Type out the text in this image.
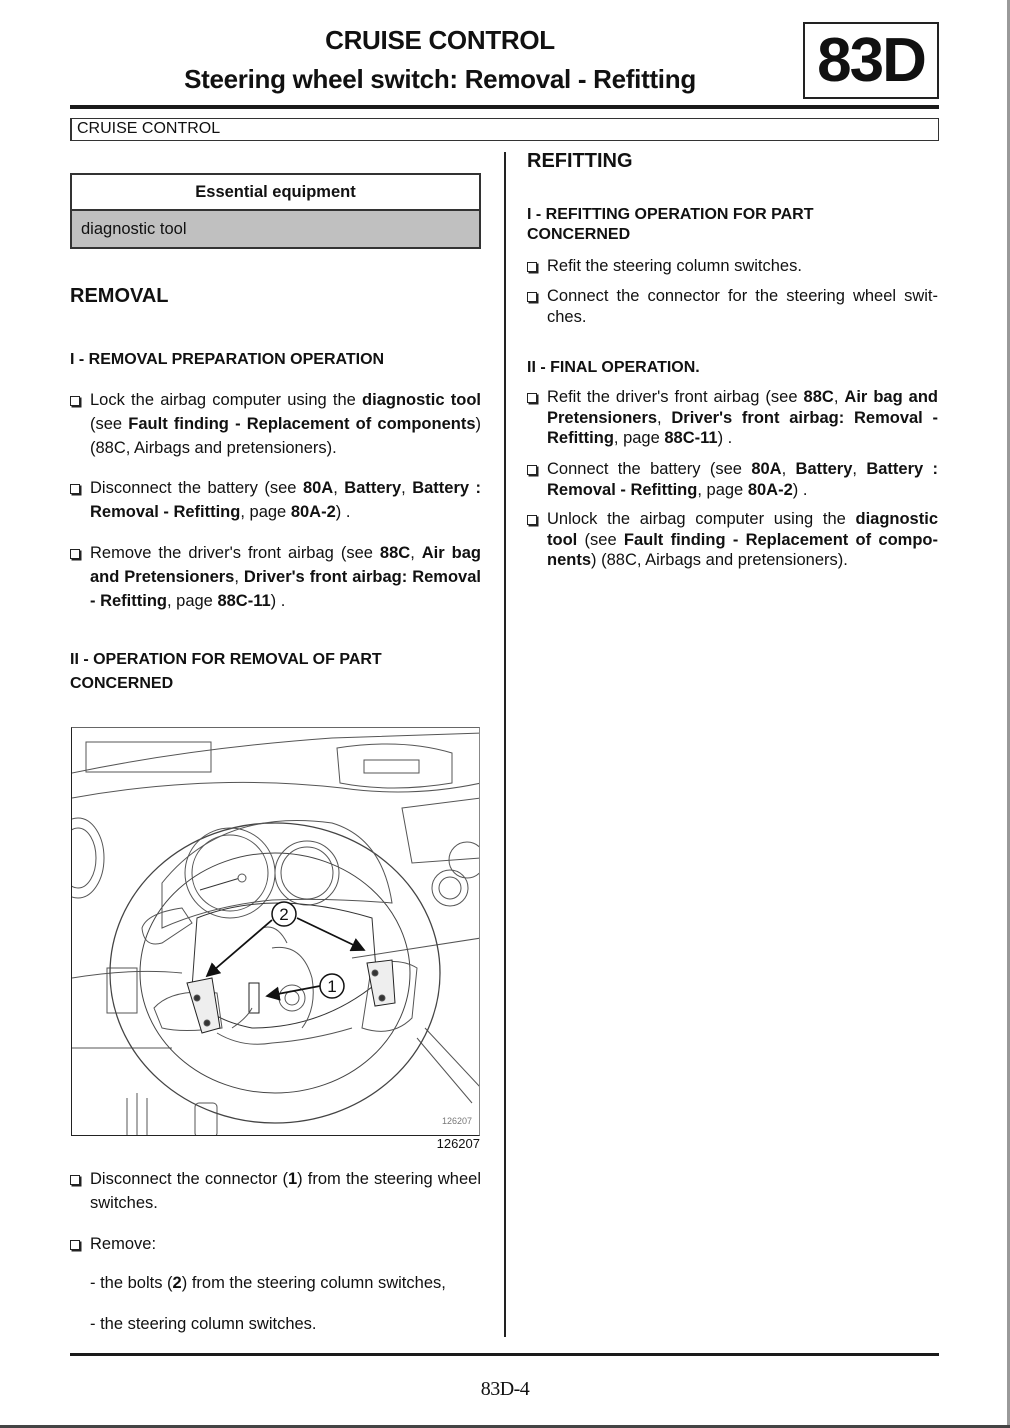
CRUISE CONTROL
Steering wheel switch: Removal - Refitting	83D
CRUISE CONTROL
Essential equipment
diagnostic tool
REMOVAL
I - REMOVAL PREPARATION OPERATION
Lock the airbag computer using the diagnostic tool (see Fault finding - Replacement of components) (88C, Airbags and pretensioners).
Disconnect the battery (see 80A, Battery, Battery : Removal - Refitting, page 80A-2) .
Remove the driver's front airbag (see 88C, Air bag and Pretensioners, Driver's front airbag: Removal - Refitting, page 88C-11) .
II - OPERATION FOR REMOVAL OF PART
CONCERNED
126207
2
1
126207
Disconnect the connector (1) from the steering wheel switches.
Remove:
- the bolts (2) from the steering column switches,
- the steering column switches.
REFITTING
I - REFITTING OPERATION FOR PART
CONCERNED
Refit the steering column switches.
Connect the connector for the steering wheel swit-ches.
II - FINAL OPERATION.
Refit the driver's front airbag (see 88C, Air bag and Pretensioners, Driver's front airbag: Removal - Refitting, page 88C-11) .
Connect the battery (see 80A, Battery, Battery : Removal - Refitting, page 80A-2) .
Unlock the airbag computer using the diagnostic tool (see Fault finding - Replacement of compo-nents) (88C, Airbags and pretensioners).
83D-4
